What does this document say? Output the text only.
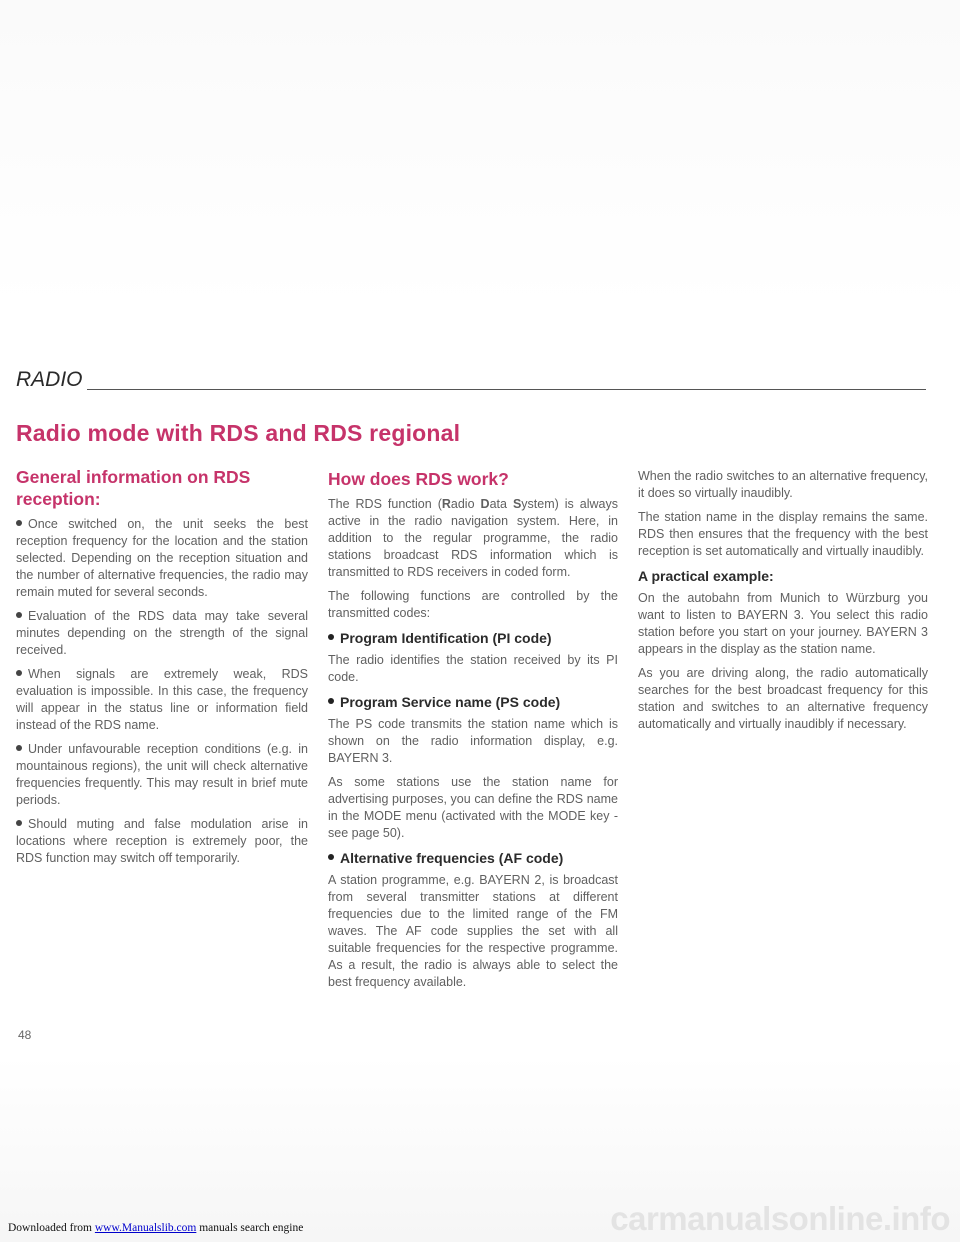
RADIO
Radio mode with RDS and RDS regional
General information on RDS reception:

Once switched on, the unit seeks the best reception frequency for the location and the station selected. Depending on the reception situation and the number of alternative frequencies, the radio may remain muted for several seconds.

Evaluation of the RDS data may take several minutes depending on the strength of the signal received.

When signals are extremely weak, RDS evaluation is impossible. In this case, the frequency will appear in the status line or information field instead of the RDS name.

Under unfavourable reception conditions (e.g. in mountainous regions), the unit will check alternative frequencies frequently. This may result in brief mute periods.

Should muting and false modulation arise in locations where reception is extremely poor, the RDS function may switch off temporarily.

How does RDS work?

The RDS function (Radio Data System) is always active in the radio navigation system. Here, in addition to the regular programme, the radio stations broadcast RDS information which is transmitted to RDS receivers in coded form.

The following functions are controlled by the transmitted codes:

Program Identification (PI code)

The radio identifies the station received by its PI code.

Program Service name (PS code)

The PS code transmits the station name which is shown on the radio information display, e.g. BAYERN 3.

As some stations use the station name for advertising purposes, you can define the RDS name in the MODE menu (activated with the MODE key - see page 50).

Alternative frequencies (AF code)

A station programme, e.g. BAYERN 2, is broadcast from several transmitter stations at different frequencies due to the limited range of the FM waves. The AF code supplies the set with all suitable frequencies for the respective programme. As a result, the radio is always able to select the best frequency available.

When the radio switches to an alternative frequency, it does so virtually inaudibly.

The station name in the display remains the same. RDS then ensures that the frequency with the best reception is set automatically and virtually inaudibly.

A practical example:

On the autobahn from Munich to Würzburg you want to listen to BAYERN 3. You select this radio station before you start on your journey. BAYERN 3 appears in the display as the station name.

As you are driving along, the radio automatically searches for the best broadcast frequency for this station and switches to an alternative frequency automatically and virtually inaudibly if necessary.

48
Downloaded from www.Manualslib.com manuals search engine	carmanualsonline.info
